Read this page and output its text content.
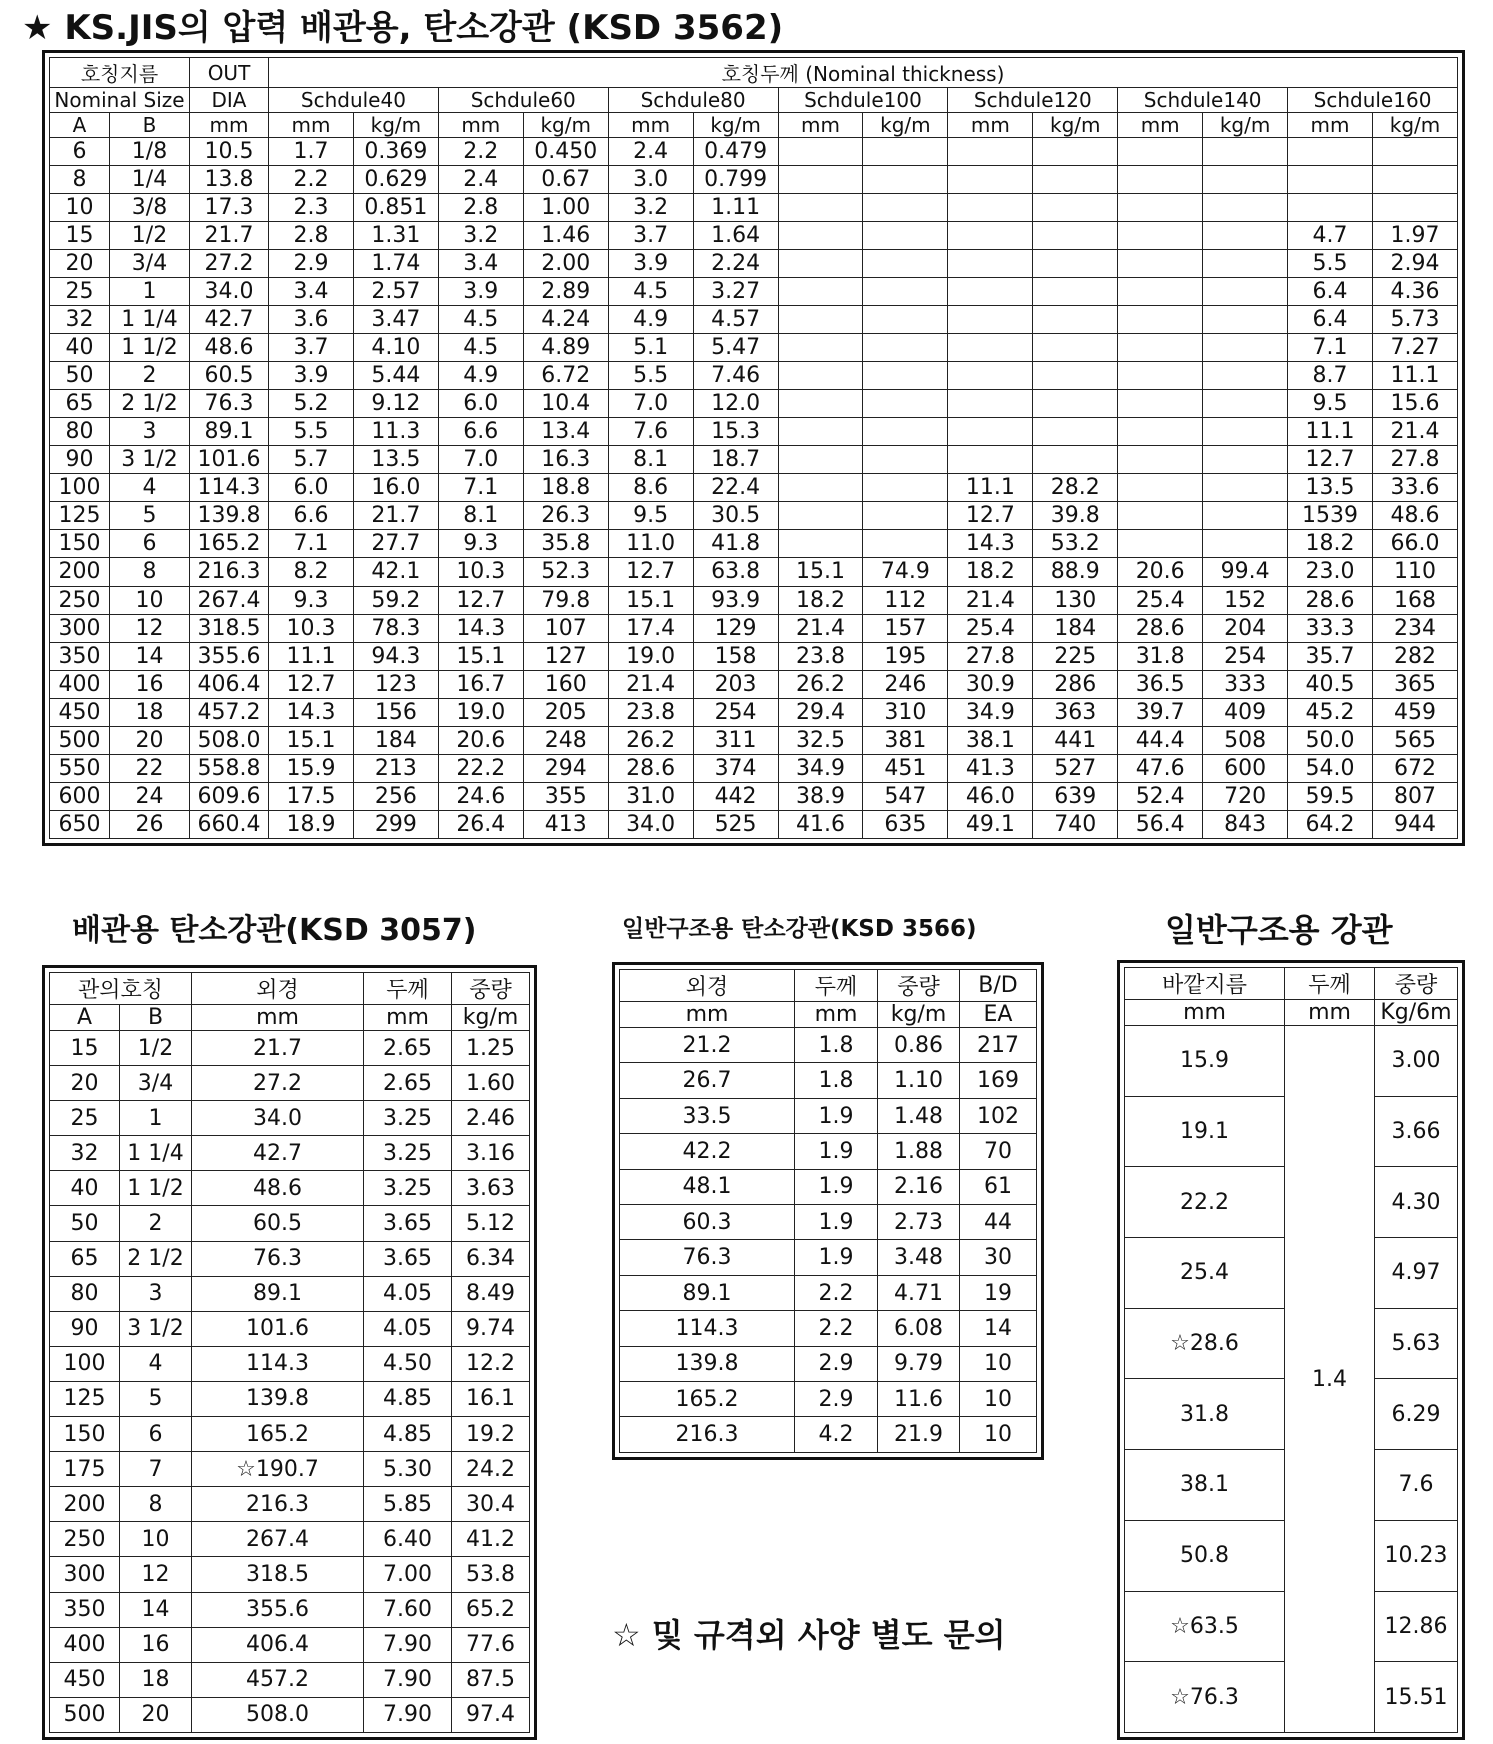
★ KS.JIS의 압력 배관용, 탄소강관 (KSD 3562)
호칭지름		OUT	호칭두께 (Nominal thickness)													
Nominal Size		DIA	Schdule40		Schdule60		Schdule80		Schdule100		Schdule120		Schdule140		Schdule160	
A	B	mm	mm	kg/m	mm	kg/m	mm	kg/m	mm	kg/m	mm	kg/m	mm	kg/m	mm	kg/m
6	1/8	10.5	1.7	0.369	2.2	0.450	2.4	0.479								
8	1/4	13.8	2.2	0.629	2.4	0.67	3.0	0.799								
10	3/8	17.3	2.3	0.851	2.8	1.00	3.2	1.11								
15	1/2	21.7	2.8	1.31	3.2	1.46	3.7	1.64							4.7	1.97
20	3/4	27.2	2.9	1.74	3.4	2.00	3.9	2.24							5.5	2.94
25	1	34.0	3.4	2.57	3.9	2.89	4.5	3.27							6.4	4.36
32	1 1/4	42.7	3.6	3.47	4.5	4.24	4.9	4.57							6.4	5.73
40	1 1/2	48.6	3.7	4.10	4.5	4.89	5.1	5.47							7.1	7.27
50	2	60.5	3.9	5.44	4.9	6.72	5.5	7.46							8.7	11.1
65	2 1/2	76.3	5.2	9.12	6.0	10.4	7.0	12.0							9.5	15.6
80	3	89.1	5.5	11.3	6.6	13.4	7.6	15.3							11.1	21.4
90	3 1/2	101.6	5.7	13.5	7.0	16.3	8.1	18.7							12.7	27.8
100	4	114.3	6.0	16.0	7.1	18.8	8.6	22.4			11.1	28.2			13.5	33.6
125	5	139.8	6.6	21.7	8.1	26.3	9.5	30.5			12.7	39.8			1539	48.6
150	6	165.2	7.1	27.7	9.3	35.8	11.0	41.8			14.3	53.2			18.2	66.0
200	8	216.3	8.2	42.1	10.3	52.3	12.7	63.8	15.1	74.9	18.2	88.9	20.6	99.4	23.0	110
250	10	267.4	9.3	59.2	12.7	79.8	15.1	93.9	18.2	112	21.4	130	25.4	152	28.6	168
300	12	318.5	10.3	78.3	14.3	107	17.4	129	21.4	157	25.4	184	28.6	204	33.3	234
350	14	355.6	11.1	94.3	15.1	127	19.0	158	23.8	195	27.8	225	31.8	254	35.7	282
400	16	406.4	12.7	123	16.7	160	21.4	203	26.2	246	30.9	286	36.5	333	40.5	365
450	18	457.2	14.3	156	19.0	205	23.8	254	29.4	310	34.9	363	39.7	409	45.2	459
500	20	508.0	15.1	184	20.6	248	26.2	311	32.5	381	38.1	441	44.4	508	50.0	565
550	22	558.8	15.9	213	22.2	294	28.6	374	34.9	451	41.3	527	47.6	600	54.0	672
600	24	609.6	17.5	256	24.6	355	31.0	442	38.9	547	46.0	639	52.4	720	59.5	807
650	26	660.4	18.9	299	26.4	413	34.0	525	41.6	635	49.1	740	56.4	843	64.2	944
배관용 탄소강관(KSD 3057)	일반구조용 탄소강관(KSD 3566)	일반구조용 강관
관의호칭		외경	두께	중량
A	B	mm	mm	kg/m
15	1/2	21.7	2.65	1.25
20	3/4	27.2	2.65	1.60
25	1	34.0	3.25	2.46
32	1 1/4	42.7	3.25	3.16
40	1 1/2	48.6	3.25	3.63
50	2	60.5	3.65	5.12
65	2 1/2	76.3	3.65	6.34
80	3	89.1	4.05	8.49
90	3 1/2	101.6	4.05	9.74
100	4	114.3	4.50	12.2
125	5	139.8	4.85	16.1
150	6	165.2	4.85	19.2
175	7	☆190.7	5.30	24.2
200	8	216.3	5.85	30.4
250	10	267.4	6.40	41.2
300	12	318.5	7.00	53.8
350	14	355.6	7.60	65.2
400	16	406.4	7.90	77.6
450	18	457.2	7.90	87.5
500	20	508.0	7.90	97.4
외경	두께	중량	B/D
mm	mm	kg/m	EA
21.2	1.8	0.86	217
26.7	1.8	1.10	169
33.5	1.9	1.48	102
42.2	1.9	1.88	70
48.1	1.9	2.16	61
60.3	1.9	2.73	44
76.3	1.9	3.48	30
89.1	2.2	4.71	19
114.3	2.2	6.08	14
139.8	2.9	9.79	10
165.2	2.9	11.6	10
216.3	4.2	21.9	10
☆ 및 규격외 사양 별도 문의
바깥지름	두께	중량
mm	mm	Kg/6m
15.9	1.4	3.00
19.1		3.66
22.2		4.30
25.4		4.97
☆28.6		5.63
31.8		6.29
38.1		7.6
50.8		10.23
☆63.5		12.86
☆76.3		15.51
